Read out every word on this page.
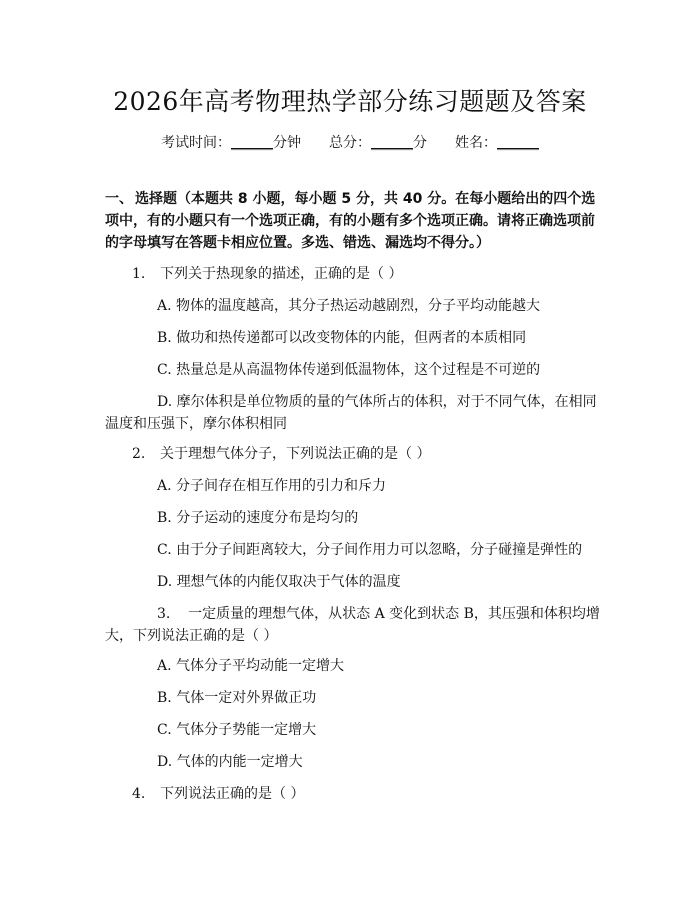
2026年高考物理热学部分练习题题及答案
考试时间：______分钟 总分：______分 姓名：______
一、 选择题（本题共 8 小题，每小题 5 分，共 40 分。在每小题给出的四个选项中，有的小题只有一个选项正确，有的小题有多个选项正确。请将正确选项前的字母填写在答题卡相应位置。多选、错选、漏选均不得分。）
1. 下列关于热现象的描述，正确的是（ ）
A. 物体的温度越高，其分子热运动越剧烈，分子平均动能越大
B. 做功和热传递都可以改变物体的内能，但两者的本质相同
C. 热量总是从高温物体传递到低温物体，这个过程是不可逆的
D. 摩尔体积是单位物质的量的气体所占的体积，对于不同气体，在相同温度和压强下，摩尔体积相同
2. 关于理想气体分子，下列说法正确的是（ ）
A. 分子间存在相互作用的引力和斥力
B. 分子运动的速度分布是均匀的
C. 由于分子间距离较大，分子间作用力可以忽略，分子碰撞是弹性的
D. 理想气体的内能仅取决于气体的温度
3. 一定质量的理想气体，从状态 A 变化到状态 B，其压强和体积均增大，下列说法正确的是（ ）
A. 气体分子平均动能一定增大
B. 气体一定对外界做正功
C. 气体分子势能一定增大
D. 气体的内能一定增大
4. 下列说法正确的是（ ）
